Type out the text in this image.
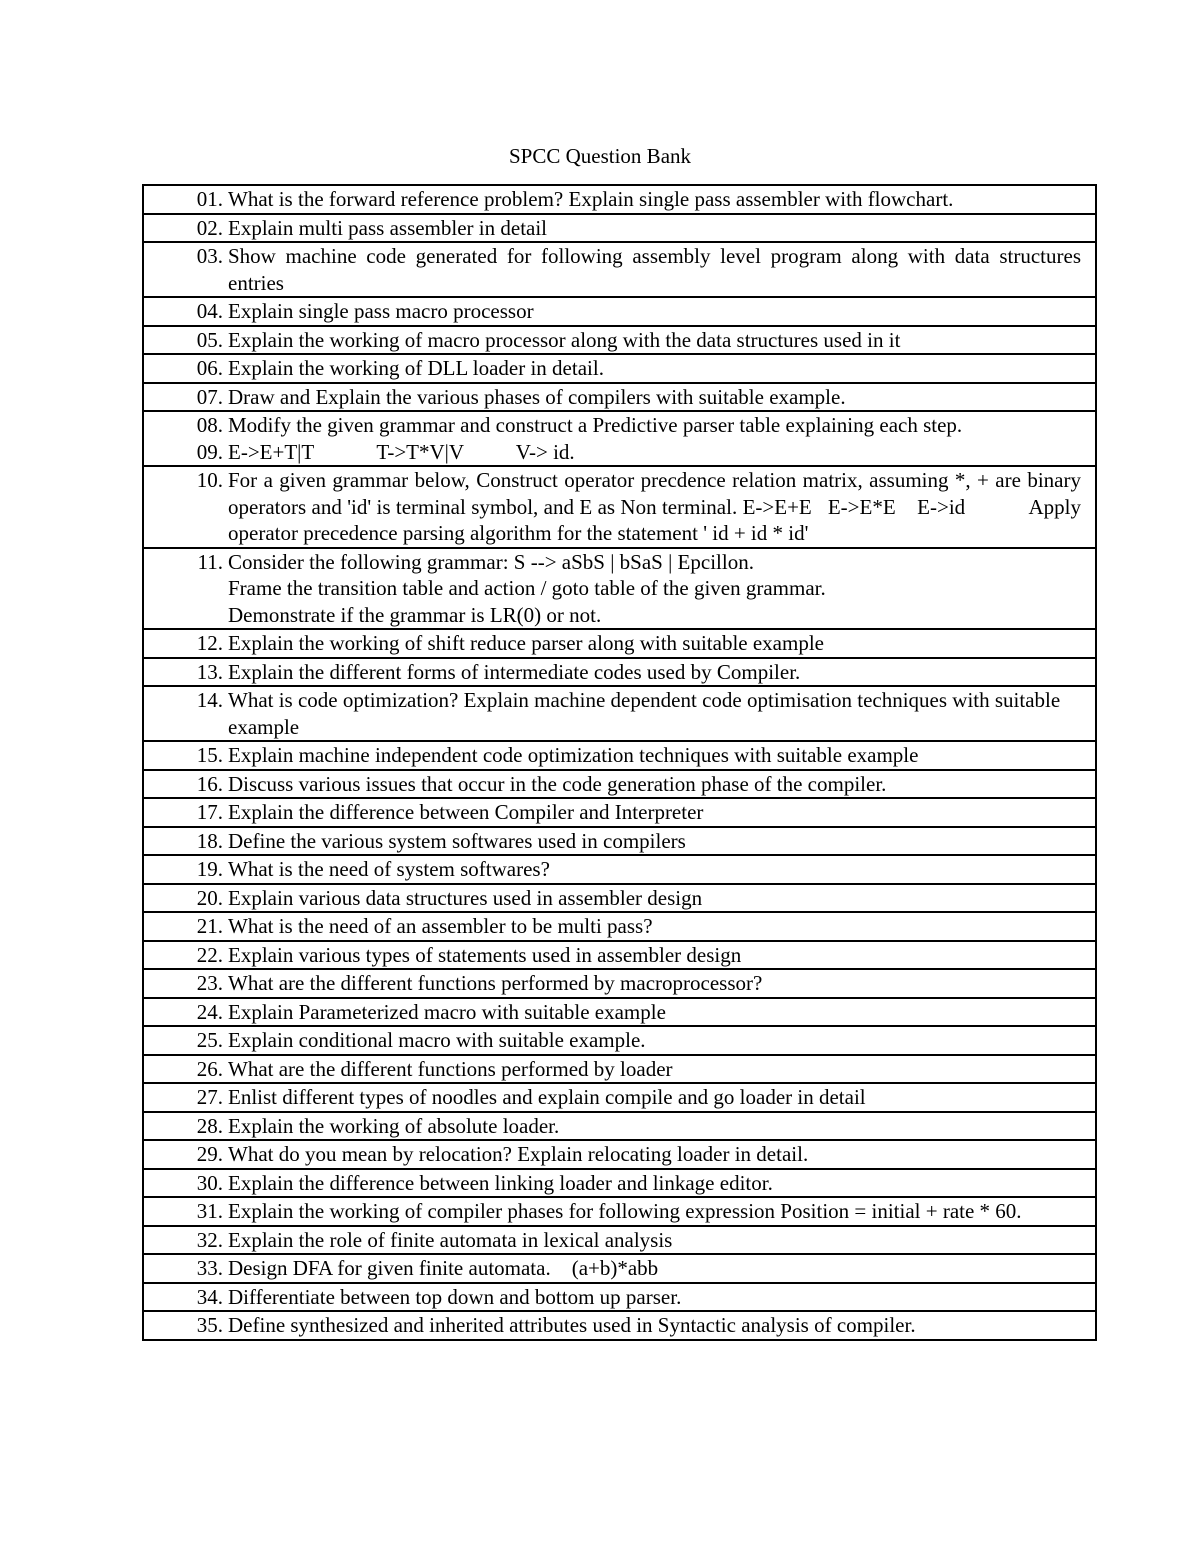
SPCC Question Bank
01. What is the forward reference problem? Explain single pass assembler with flowchart.

02. Explain multi pass assembler in detail

03. Show machine code generated for following assembly level program along with data structures entries

04. Explain single pass macro processor

05. Explain the working of macro processor along with the data structures used in it

06. Explain the working of DLL loader in detail.

07. Draw and Explain the various phases of compilers with suitable example.

08. Modify the given grammar and construct a Predictive parser table explaining each step.
09. E->E+T|T            T->T*V|V          V-> id.

10. For a given grammar below, Construct operator precdence relation matrix, assuming *, + are binary operators and 'id' is terminal symbol, and E as Non terminal. E->E+E   E->E*E    E->id            Apply operator precedence parsing algorithm for the statement ' id + id * id'

11. Consider the following grammar: S --> aSbS | bSaS | Epcillon.
Frame the transition table and action / goto table of the given grammar.
Demonstrate if the grammar is LR(0) or not.

12. Explain the working of shift reduce parser along with suitable example

13. Explain the different forms of intermediate codes used by Compiler.

14. What is code optimization? Explain machine dependent code optimisation techniques with suitable example

15. Explain machine independent code optimization techniques with suitable example

16. Discuss various issues that occur in the code generation phase of the compiler.

17. Explain the difference between Compiler and Interpreter

18. Define the various system softwares used in compilers

19. What is the need of system softwares?

20. Explain various data structures used in assembler design

21. What is the need of an assembler to be multi pass?

22. Explain various types of statements used in assembler design

23. What are the different functions performed by macroprocessor?

24. Explain Parameterized macro with suitable example

25. Explain conditional macro with suitable example.

26. What are the different functions performed by loader

27. Enlist different types of noodles and explain compile and go loader in detail

28. Explain the working of absolute loader.

29. What do you mean by relocation? Explain relocating loader in detail.

30. Explain the difference between linking loader and linkage editor.

31. Explain the working of compiler phases for following expression Position = initial + rate * 60.

32. Explain the role of finite automata in lexical analysis

33. Design DFA for given finite automata.    (a+b)*abb

34. Differentiate between top down and bottom up parser.

35. Define synthesized and inherited attributes used in Syntactic analysis of compiler.
